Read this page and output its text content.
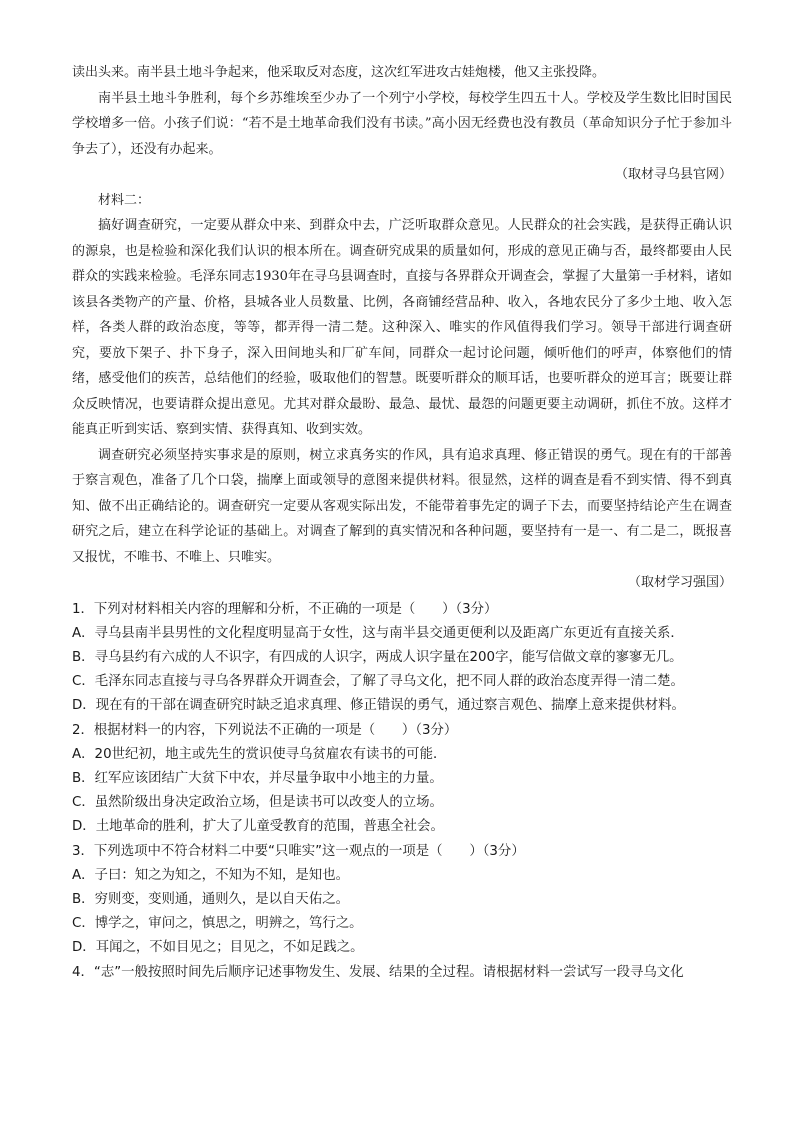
读出头来。南半县土地斗争起来，他采取反对态度，这次红军进攻古娃炮楼，他又主张投降。

南半县土地斗争胜利，每个乡苏维埃至少办了一个列宁小学校，每校学生四五十人。学校及学生数比旧时国民学校增多一倍。小孩子们说：“若不是土地革命我们没有书读。”高小因无经费也没有教员（革命知识分子忙于参加斗争去了），还没有办起来。

（取材寻乌县官网）

材料二：

搞好调查研究，一定要从群众中来、到群众中去，广泛听取群众意见。人民群众的社会实践，是获得正确认识的源泉，也是检验和深化我们认识的根本所在。调查研究成果的质量如何，形成的意见正确与否，最终都要由人民群众的实践来检验。毛泽东同志1930年在寻乌县调查时，直接与各界群众开调查会，掌握了大量第一手材料，诸如该县各类物产的产量、价格，县城各业人员数量、比例，各商铺经营品种、收入，各地农民分了多少土地、收入怎样，各类人群的政治态度，等等，都弄得一清二楚。这种深入、唯实的作风值得我们学习。领导干部进行调查研究，要放下架子、扑下身子，深入田间地头和厂矿车间，同群众一起讨论问题，倾听他们的呼声，体察他们的情绪，感受他们的疾苦，总结他们的经验，吸取他们的智慧。既要听群众的顺耳话，也要听群众的逆耳言；既要让群众反映情况，也要请群众提出意见。尤其对群众最盼、最急、最忧、最怨的问题更要主动调研，抓住不放。这样才能真正听到实话、察到实情、获得真知、收到实效。

调查研究必须坚持实事求是的原则，树立求真务实的作风，具有追求真理、修正错误的勇气。现在有的干部善于察言观色，准备了几个口袋，揣摩上面或领导的意图来提供材料。很显然，这样的调查是看不到实情、得不到真知、做不出正确结论的。调查研究一定要从客观实际出发，不能带着事先定的调子下去，而要坚持结论产生在调查研究之后，建立在科学论证的基础上。对调查了解到的真实情况和各种问题，要坚持有一是一、有二是二，既报喜又报忧，不唯书、不唯上、只唯实。

（取材学习强国）

1．下列对材料相关内容的理解和分析，不正确的一项是（　　）（3分）

A．寻乌县南半县男性的文化程度明显高于女性，这与南半县交通更便利以及距离广东更近有直接关系．

B．寻乌县约有六成的人不识字，有四成的人识字，两成人识字量在200字，能写信做文章的寥寥无几。

C．毛泽东同志直接与寻乌各界群众开调查会，了解了寻乌文化，把不同人群的政治态度弄得一清二楚。

D．现在有的干部在调查研究时缺乏追求真理、修正错误的勇气，通过察言观色、揣摩上意来提供材料。

2．根据材料一的内容，下列说法不正确的一项是（　　）（3分）

A．20世纪初，地主或先生的赏识使寻乌贫雇农有读书的可能．

B．红军应该团结广大贫下中农，并尽量争取中小地主的力量。

C．虽然阶级出身决定政治立场，但是读书可以改变人的立场。

D．土地革命的胜利，扩大了儿童受教育的范围，普惠全社会。

3．下列选项中不符合材料二中要“只唯实”这一观点的一项是（　　）（3分）

A．子曰：知之为知之，不知为不知，是知也。

B．穷则变，变则通，通则久，是以自天佑之。

C．博学之，审问之，慎思之，明辨之，笃行之。

D．耳闻之，不如目见之；目见之，不如足践之。

4．“志”一般按照时间先后顺序记述事物发生、发展、结果的全过程。请根据材料一尝试写一段寻乌文化
